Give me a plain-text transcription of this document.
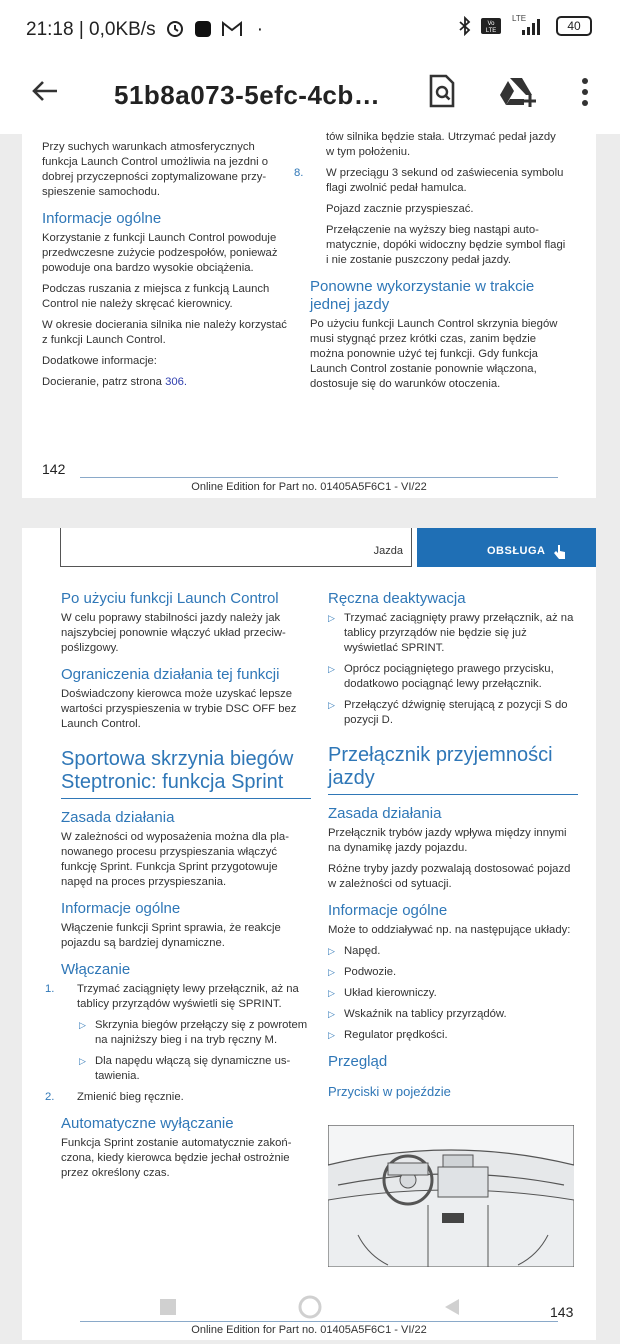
21:18 | 0,0KB/s	·	Vo
LTE
LTE
40
51b8a073-5efc-4cb…

Przy suchych warunkach atmosferycznych funkcja Launch Control umożliwia na jezdni o dobrej przyczepności zoptymalizowane przyspieszenie samochodu.

Informacje ogólne

Korzystanie z funkcji Launch Control powoduje przedwczesne zużycie podzespołów, ponieważ powoduje ona bardzo wysokie obciążenia.

Podczas ruszania z miejsca z funkcją Launch Control nie należy skręcać kierownicy.

W okresie docierania silnika nie należy korzystać z funkcji Launch Control.

Dodatkowe informacje:

Docieranie, patrz strona 306.

tów silnika będzie stała. Utrzymać pedał jazdy w tym położeniu.

8. W przeciągu 3 sekund od zaświecenia symbolu flagi zwolnić pedał hamulca.

Pojazd zacznie przyspieszać.

Przełączenie na wyższy bieg nastąpi automatycznie, dopóki widoczny będzie symbol flagi i nie zostanie puszczony pedał jazdy.

Ponowne wykorzystanie w trakcie jednej jazdy

Po użyciu funkcji Launch Control skrzynia biegów musi stygnąć przez krótki czas, zanim będzie można ponownie użyć tej funkcji. Gdy funkcja Launch Control zostanie ponownie włączona, dostosuje się do warunków otoczenia.

142
Online Edition for Part no. 01405A5F6C1 - VI/22
Jazda	OBSŁUGA
Po użyciu funkcji Launch Control

W celu poprawy stabilności jazdy należy jak najszybciej ponownie włączyć układ przeciwpoślizgowy.

Ograniczenia działania tej funkcji

Doświadczony kierowca może uzyskać lepsze wartości przyspieszenia w trybie DSC OFF bez Launch Control.

Sportowa skrzynia biegów Steptronic: funkcja Sprint
Zasada działania

W zależności od wyposażenia można dla planowanego procesu przyspieszania włączyć funkcję Sprint. Funkcja Sprint przygotowuje napęd na proces przyspieszania.

Informacje ogólne

Włączenie funkcji Sprint sprawia, że reakcje pojazdu są bardziej dynamiczne.

Włączanie

1. Trzymać zaciągnięty lewy przełącznik, aż na tablicy przyrządów wyświetli się SPRINT.

▷ Skrzynia biegów przełączy się z powrotem na najniższy bieg i na tryb ręczny M.

▷ Dla napędu włączą się dynamiczne ustawienia.

2. Zmienić bieg ręcznie.

Automatyczne wyłączanie

Funkcja Sprint zostanie automatycznie zakończona, kiedy kierowca będzie jechał ostrożnie przez określony czas.

Ręczna deaktywacja

▷ Trzymać zaciągnięty prawy przełącznik, aż na tablicy przyrządów nie będzie się już wyświetlać SPRINT.

▷ Oprócz pociągniętego prawego przycisku, dodatkowo pociągnąć lewy przełącznik.

▷ Przełączyć dźwignię sterującą z pozycji S do pozycji D.

Przełącznik przyjemności jazdy
Zasada działania

Przełącznik trybów jazdy wpływa między innymi na dynamikę jazdy pojazdu.

Różne tryby jazdy pozwalają dostosować pojazd w zależności od sytuacji.

Informacje ogólne

Może to oddziaływać np. na następujące układy:

▷ Napęd.

▷ Podwozie.

▷ Układ kierowniczy.

▷ Wskaźnik na tablicy przyrządów.

▷ Regulator prędkości.

Przegląd
Przyciski w pojeździe
143
Online Edition for Part no. 01405A5F6C1 - VI/22
